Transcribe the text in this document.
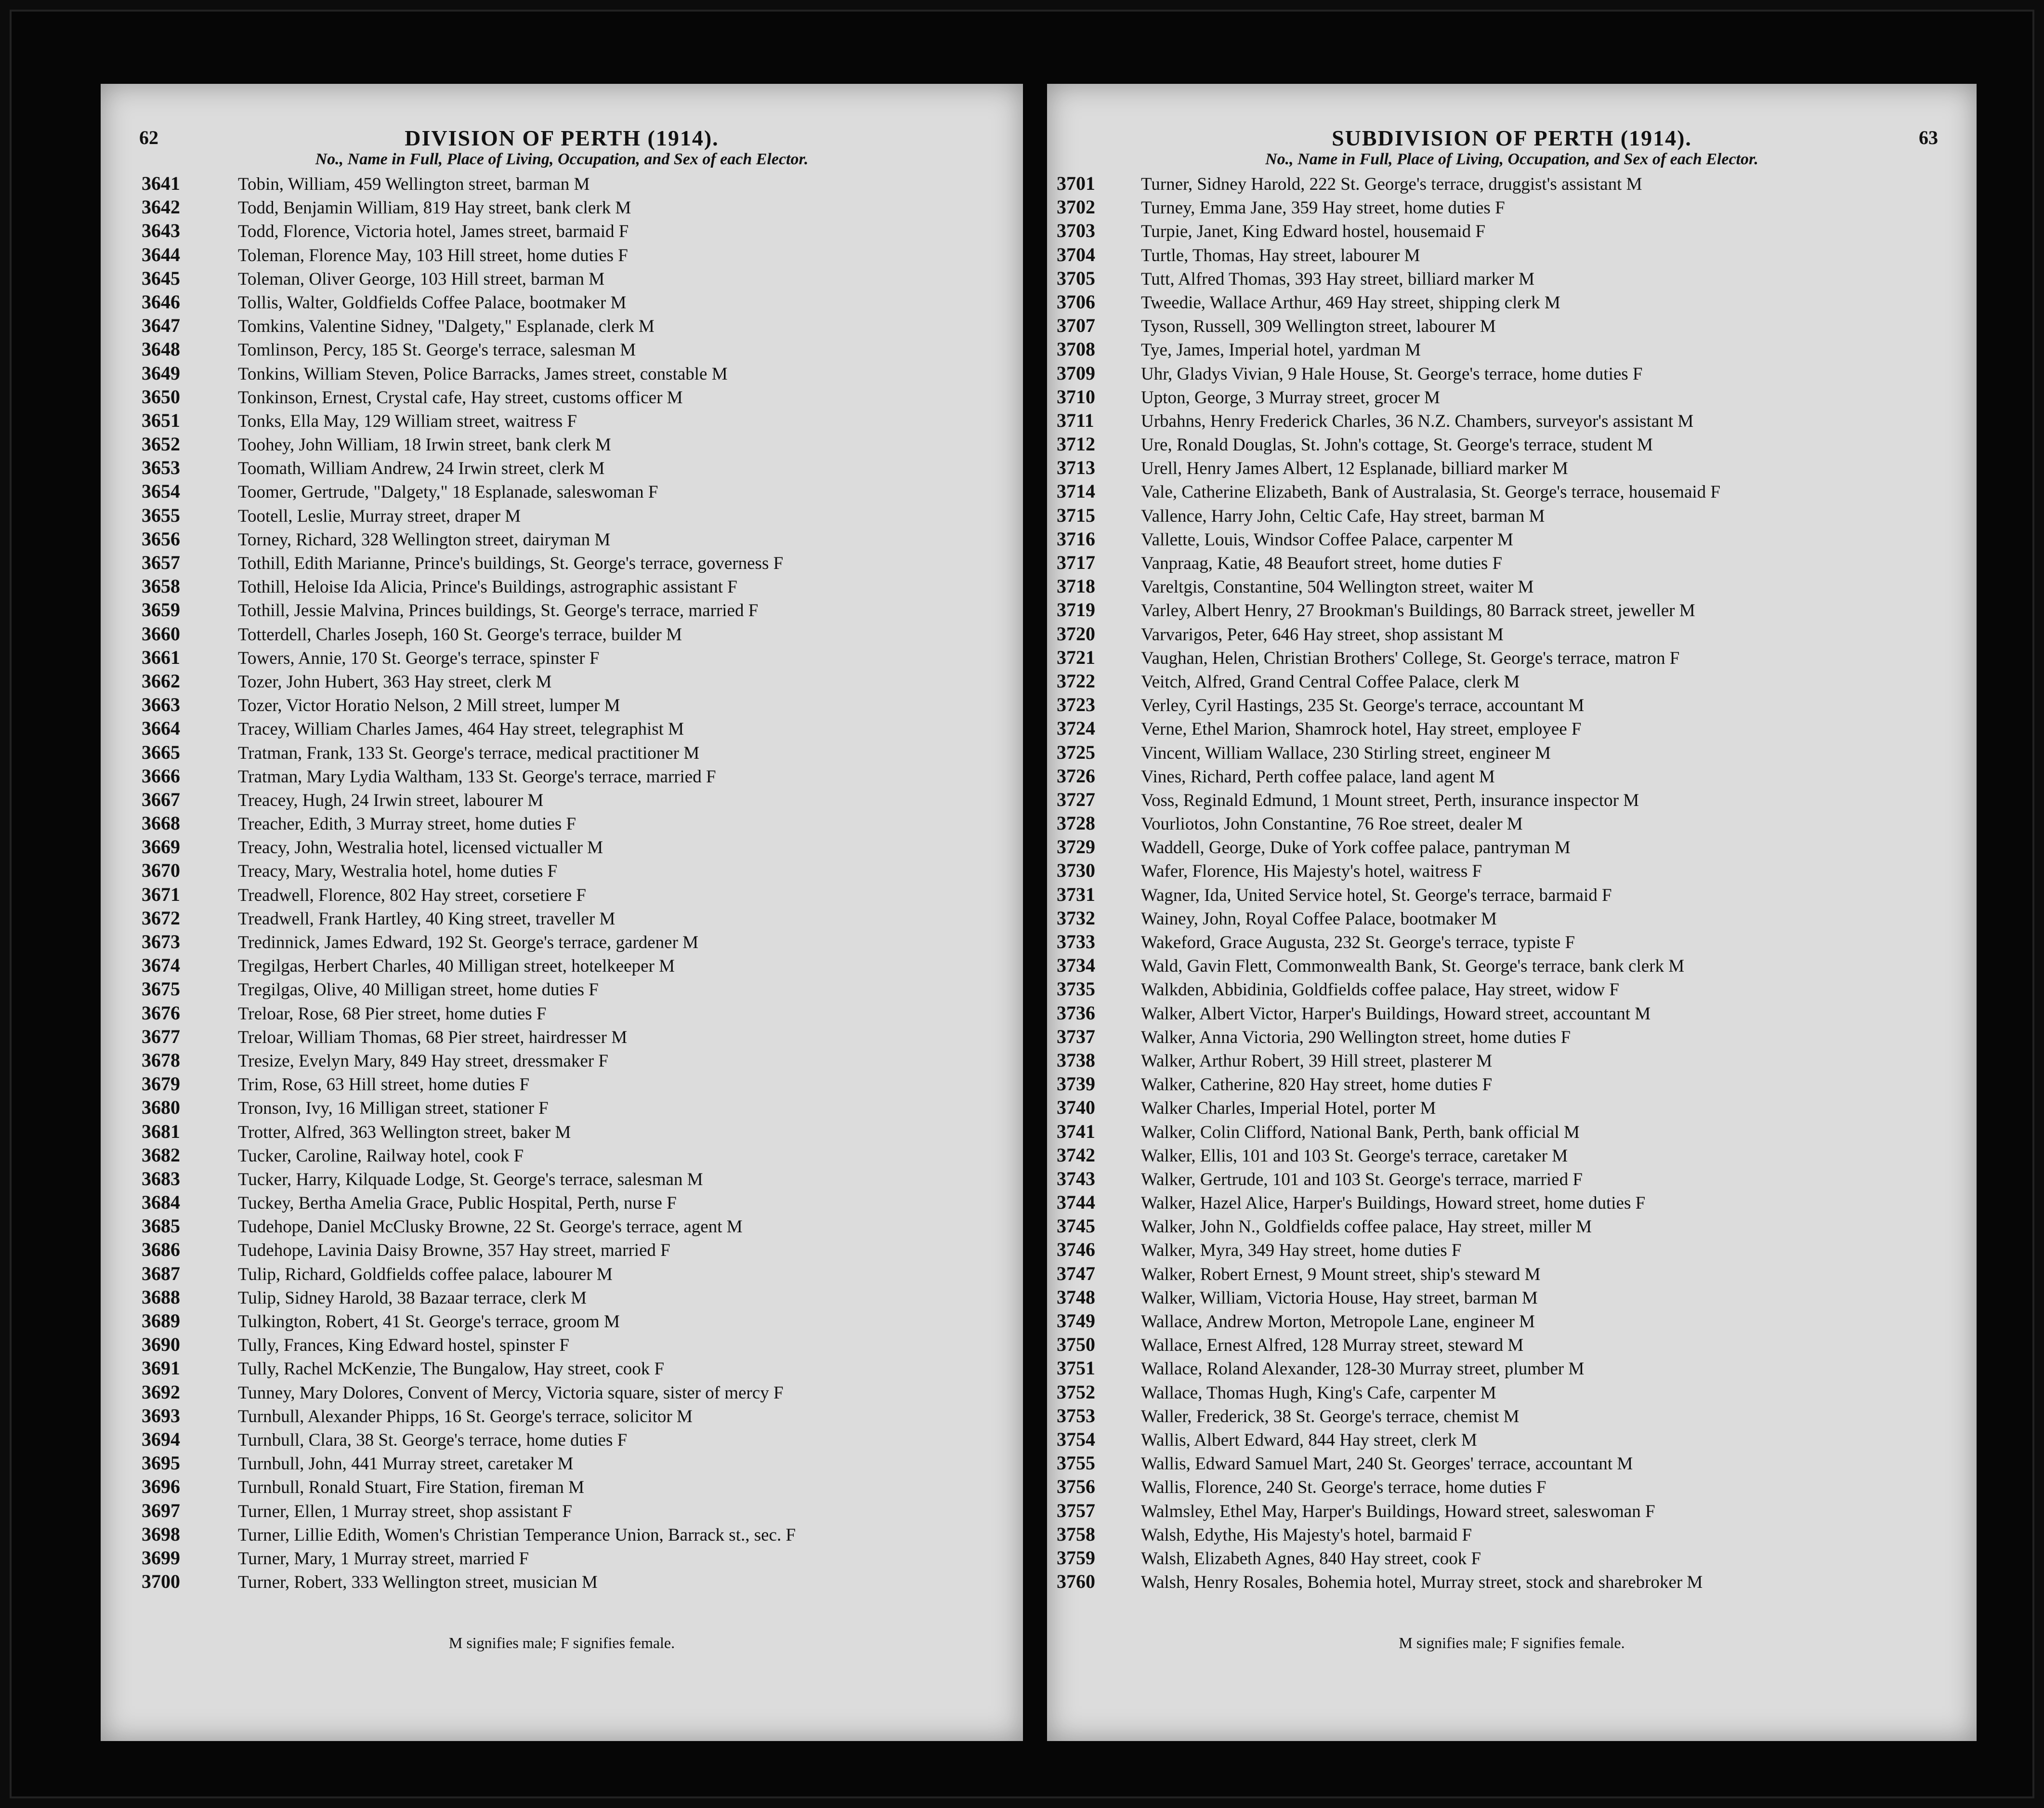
62	DIVISION OF PERTH (1914).
No., Name in Full, Place of Living, Occupation, and Sex of each Elector.
3641	Tobin, William, 459 Wellington street, barman M
3642	Todd, Benjamin William, 819 Hay street, bank clerk M
3643	Todd, Florence, Victoria hotel, James street, barmaid F
3644	Toleman, Florence May, 103 Hill street, home duties F
3645	Toleman, Oliver George, 103 Hill street, barman M
3646	Tollis, Walter, Goldfields Coffee Palace, bootmaker M
3647	Tomkins, Valentine Sidney, "Dalgety," Esplanade, clerk M
3648	Tomlinson, Percy, 185 St. George's terrace, salesman M
3649	Tonkins, William Steven, Police Barracks, James street, constable M
3650	Tonkinson, Ernest, Crystal cafe, Hay street, customs officer M
3651	Tonks, Ella May, 129 William street, waitress F
3652	Toohey, John William, 18 Irwin street, bank clerk M
3653	Toomath, William Andrew, 24 Irwin street, clerk M
3654	Toomer, Gertrude, "Dalgety," 18 Esplanade, saleswoman F
3655	Tootell, Leslie, Murray street, draper M
3656	Torney, Richard, 328 Wellington street, dairyman M
3657	Tothill, Edith Marianne, Prince's buildings, St. George's terrace, governess F
3658	Tothill, Heloise Ida Alicia, Prince's Buildings, astrographic assistant F
3659	Tothill, Jessie Malvina, Princes buildings, St. George's terrace, married F
3660	Totterdell, Charles Joseph, 160 St. George's terrace, builder M
3661	Towers, Annie, 170 St. George's terrace, spinster F
3662	Tozer, John Hubert, 363 Hay street, clerk M
3663	Tozer, Victor Horatio Nelson, 2 Mill street, lumper M
3664	Tracey, William Charles James, 464 Hay street, telegraphist M
3665	Tratman, Frank, 133 St. George's terrace, medical practitioner M
3666	Tratman, Mary Lydia Waltham, 133 St. George's terrace, married F
3667	Treacey, Hugh, 24 Irwin street, labourer M
3668	Treacher, Edith, 3 Murray street, home duties F
3669	Treacy, John, Westralia hotel, licensed victualler M
3670	Treacy, Mary, Westralia hotel, home duties F
3671	Treadwell, Florence, 802 Hay street, corsetiere F
3672	Treadwell, Frank Hartley, 40 King street, traveller M
3673	Tredinnick, James Edward, 192 St. George's terrace, gardener M
3674	Tregilgas, Herbert Charles, 40 Milligan street, hotelkeeper M
3675	Tregilgas, Olive, 40 Milligan street, home duties F
3676	Treloar, Rose, 68 Pier street, home duties F
3677	Treloar, William Thomas, 68 Pier street, hairdresser M
3678	Tresize, Evelyn Mary, 849 Hay street, dressmaker F
3679	Trim, Rose, 63 Hill street, home duties F
3680	Tronson, Ivy, 16 Milligan street, stationer F
3681	Trotter, Alfred, 363 Wellington street, baker M
3682	Tucker, Caroline, Railway hotel, cook F
3683	Tucker, Harry, Kilquade Lodge, St. George's terrace, salesman M
3684	Tuckey, Bertha Amelia Grace, Public Hospital, Perth, nurse F
3685	Tudehope, Daniel McClusky Browne, 22 St. George's terrace, agent M
3686	Tudehope, Lavinia Daisy Browne, 357 Hay street, married F
3687	Tulip, Richard, Goldfields coffee palace, labourer M
3688	Tulip, Sidney Harold, 38 Bazaar terrace, clerk M
3689	Tulkington, Robert, 41 St. George's terrace, groom M
3690	Tully, Frances, King Edward hostel, spinster F
3691	Tully, Rachel McKenzie, The Bungalow, Hay street, cook F
3692	Tunney, Mary Dolores, Convent of Mercy, Victoria square, sister of mercy F
3693	Turnbull, Alexander Phipps, 16 St. George's terrace, solicitor M
3694	Turnbull, Clara, 38 St. George's terrace, home duties F
3695	Turnbull, John, 441 Murray street, caretaker M
3696	Turnbull, Ronald Stuart, Fire Station, fireman M
3697	Turner, Ellen, 1 Murray street, shop assistant F
3698	Turner, Lillie Edith, Women's Christian Temperance Union, Barrack st., sec. F
3699	Turner, Mary, 1 Murray street, married F
3700	Turner, Robert, 333 Wellington street, musician M
M signifies male; F signifies female.
SUBDIVISION OF PERTH (1914).	63
No., Name in Full, Place of Living, Occupation, and Sex of each Elector.
3701	Turner, Sidney Harold, 222 St. George's terrace, druggist's assistant M
3702	Turney, Emma Jane, 359 Hay street, home duties F
3703	Turpie, Janet, King Edward hostel, housemaid F
3704	Turtle, Thomas, Hay street, labourer M
3705	Tutt, Alfred Thomas, 393 Hay street, billiard marker M
3706	Tweedie, Wallace Arthur, 469 Hay street, shipping clerk M
3707	Tyson, Russell, 309 Wellington street, labourer M
3708	Tye, James, Imperial hotel, yardman M
3709	Uhr, Gladys Vivian, 9 Hale House, St. George's terrace, home duties F
3710	Upton, George, 3 Murray street, grocer M
3711	Urbahns, Henry Frederick Charles, 36 N.Z. Chambers, surveyor's assistant M
3712	Ure, Ronald Douglas, St. John's cottage, St. George's terrace, student M
3713	Urell, Henry James Albert, 12 Esplanade, billiard marker M
3714	Vale, Catherine Elizabeth, Bank of Australasia, St. George's terrace, housemaid F
3715	Vallence, Harry John, Celtic Cafe, Hay street, barman M
3716	Vallette, Louis, Windsor Coffee Palace, carpenter M
3717	Vanpraag, Katie, 48 Beaufort street, home duties F
3718	Vareltgis, Constantine, 504 Wellington street, waiter M
3719	Varley, Albert Henry, 27 Brookman's Buildings, 80 Barrack street, jeweller M
3720	Varvarigos, Peter, 646 Hay street, shop assistant M
3721	Vaughan, Helen, Christian Brothers' College, St. George's terrace, matron F
3722	Veitch, Alfred, Grand Central Coffee Palace, clerk M
3723	Verley, Cyril Hastings, 235 St. George's terrace, accountant M
3724	Verne, Ethel Marion, Shamrock hotel, Hay street, employee F
3725	Vincent, William Wallace, 230 Stirling street, engineer M
3726	Vines, Richard, Perth coffee palace, land agent M
3727	Voss, Reginald Edmund, 1 Mount street, Perth, insurance inspector M
3728	Vourliotos, John Constantine, 76 Roe street, dealer M
3729	Waddell, George, Duke of York coffee palace, pantryman M
3730	Wafer, Florence, His Majesty's hotel, waitress F
3731	Wagner, Ida, United Service hotel, St. George's terrace, barmaid F
3732	Wainey, John, Royal Coffee Palace, bootmaker M
3733	Wakeford, Grace Augusta, 232 St. George's terrace, typiste F
3734	Wald, Gavin Flett, Commonwealth Bank, St. George's terrace, bank clerk M
3735	Walkden, Abbidinia, Goldfields coffee palace, Hay street, widow F
3736	Walker, Albert Victor, Harper's Buildings, Howard street, accountant M
3737	Walker, Anna Victoria, 290 Wellington street, home duties F
3738	Walker, Arthur Robert, 39 Hill street, plasterer M
3739	Walker, Catherine, 820 Hay street, home duties F
3740	Walker Charles, Imperial Hotel, porter M
3741	Walker, Colin Clifford, National Bank, Perth, bank official M
3742	Walker, Ellis, 101 and 103 St. George's terrace, caretaker M
3743	Walker, Gertrude, 101 and 103 St. George's terrace, married F
3744	Walker, Hazel Alice, Harper's Buildings, Howard street, home duties F
3745	Walker, John N., Goldfields coffee palace, Hay street, miller M
3746	Walker, Myra, 349 Hay street, home duties F
3747	Walker, Robert Ernest, 9 Mount street, ship's steward M
3748	Walker, William, Victoria House, Hay street, barman M
3749	Wallace, Andrew Morton, Metropole Lane, engineer M
3750	Wallace, Ernest Alfred, 128 Murray street, steward M
3751	Wallace, Roland Alexander, 128-30 Murray street, plumber M
3752	Wallace, Thomas Hugh, King's Cafe, carpenter M
3753	Waller, Frederick, 38 St. George's terrace, chemist M
3754	Wallis, Albert Edward, 844 Hay street, clerk M
3755	Wallis, Edward Samuel Mart, 240 St. Georges' terrace, accountant M
3756	Wallis, Florence, 240 St. George's terrace, home duties F
3757	Walmsley, Ethel May, Harper's Buildings, Howard street, saleswoman F
3758	Walsh, Edythe, His Majesty's hotel, barmaid F
3759	Walsh, Elizabeth Agnes, 840 Hay street, cook F
3760	Walsh, Henry Rosales, Bohemia hotel, Murray street, stock and sharebroker M
M signifies male; F signifies female.
